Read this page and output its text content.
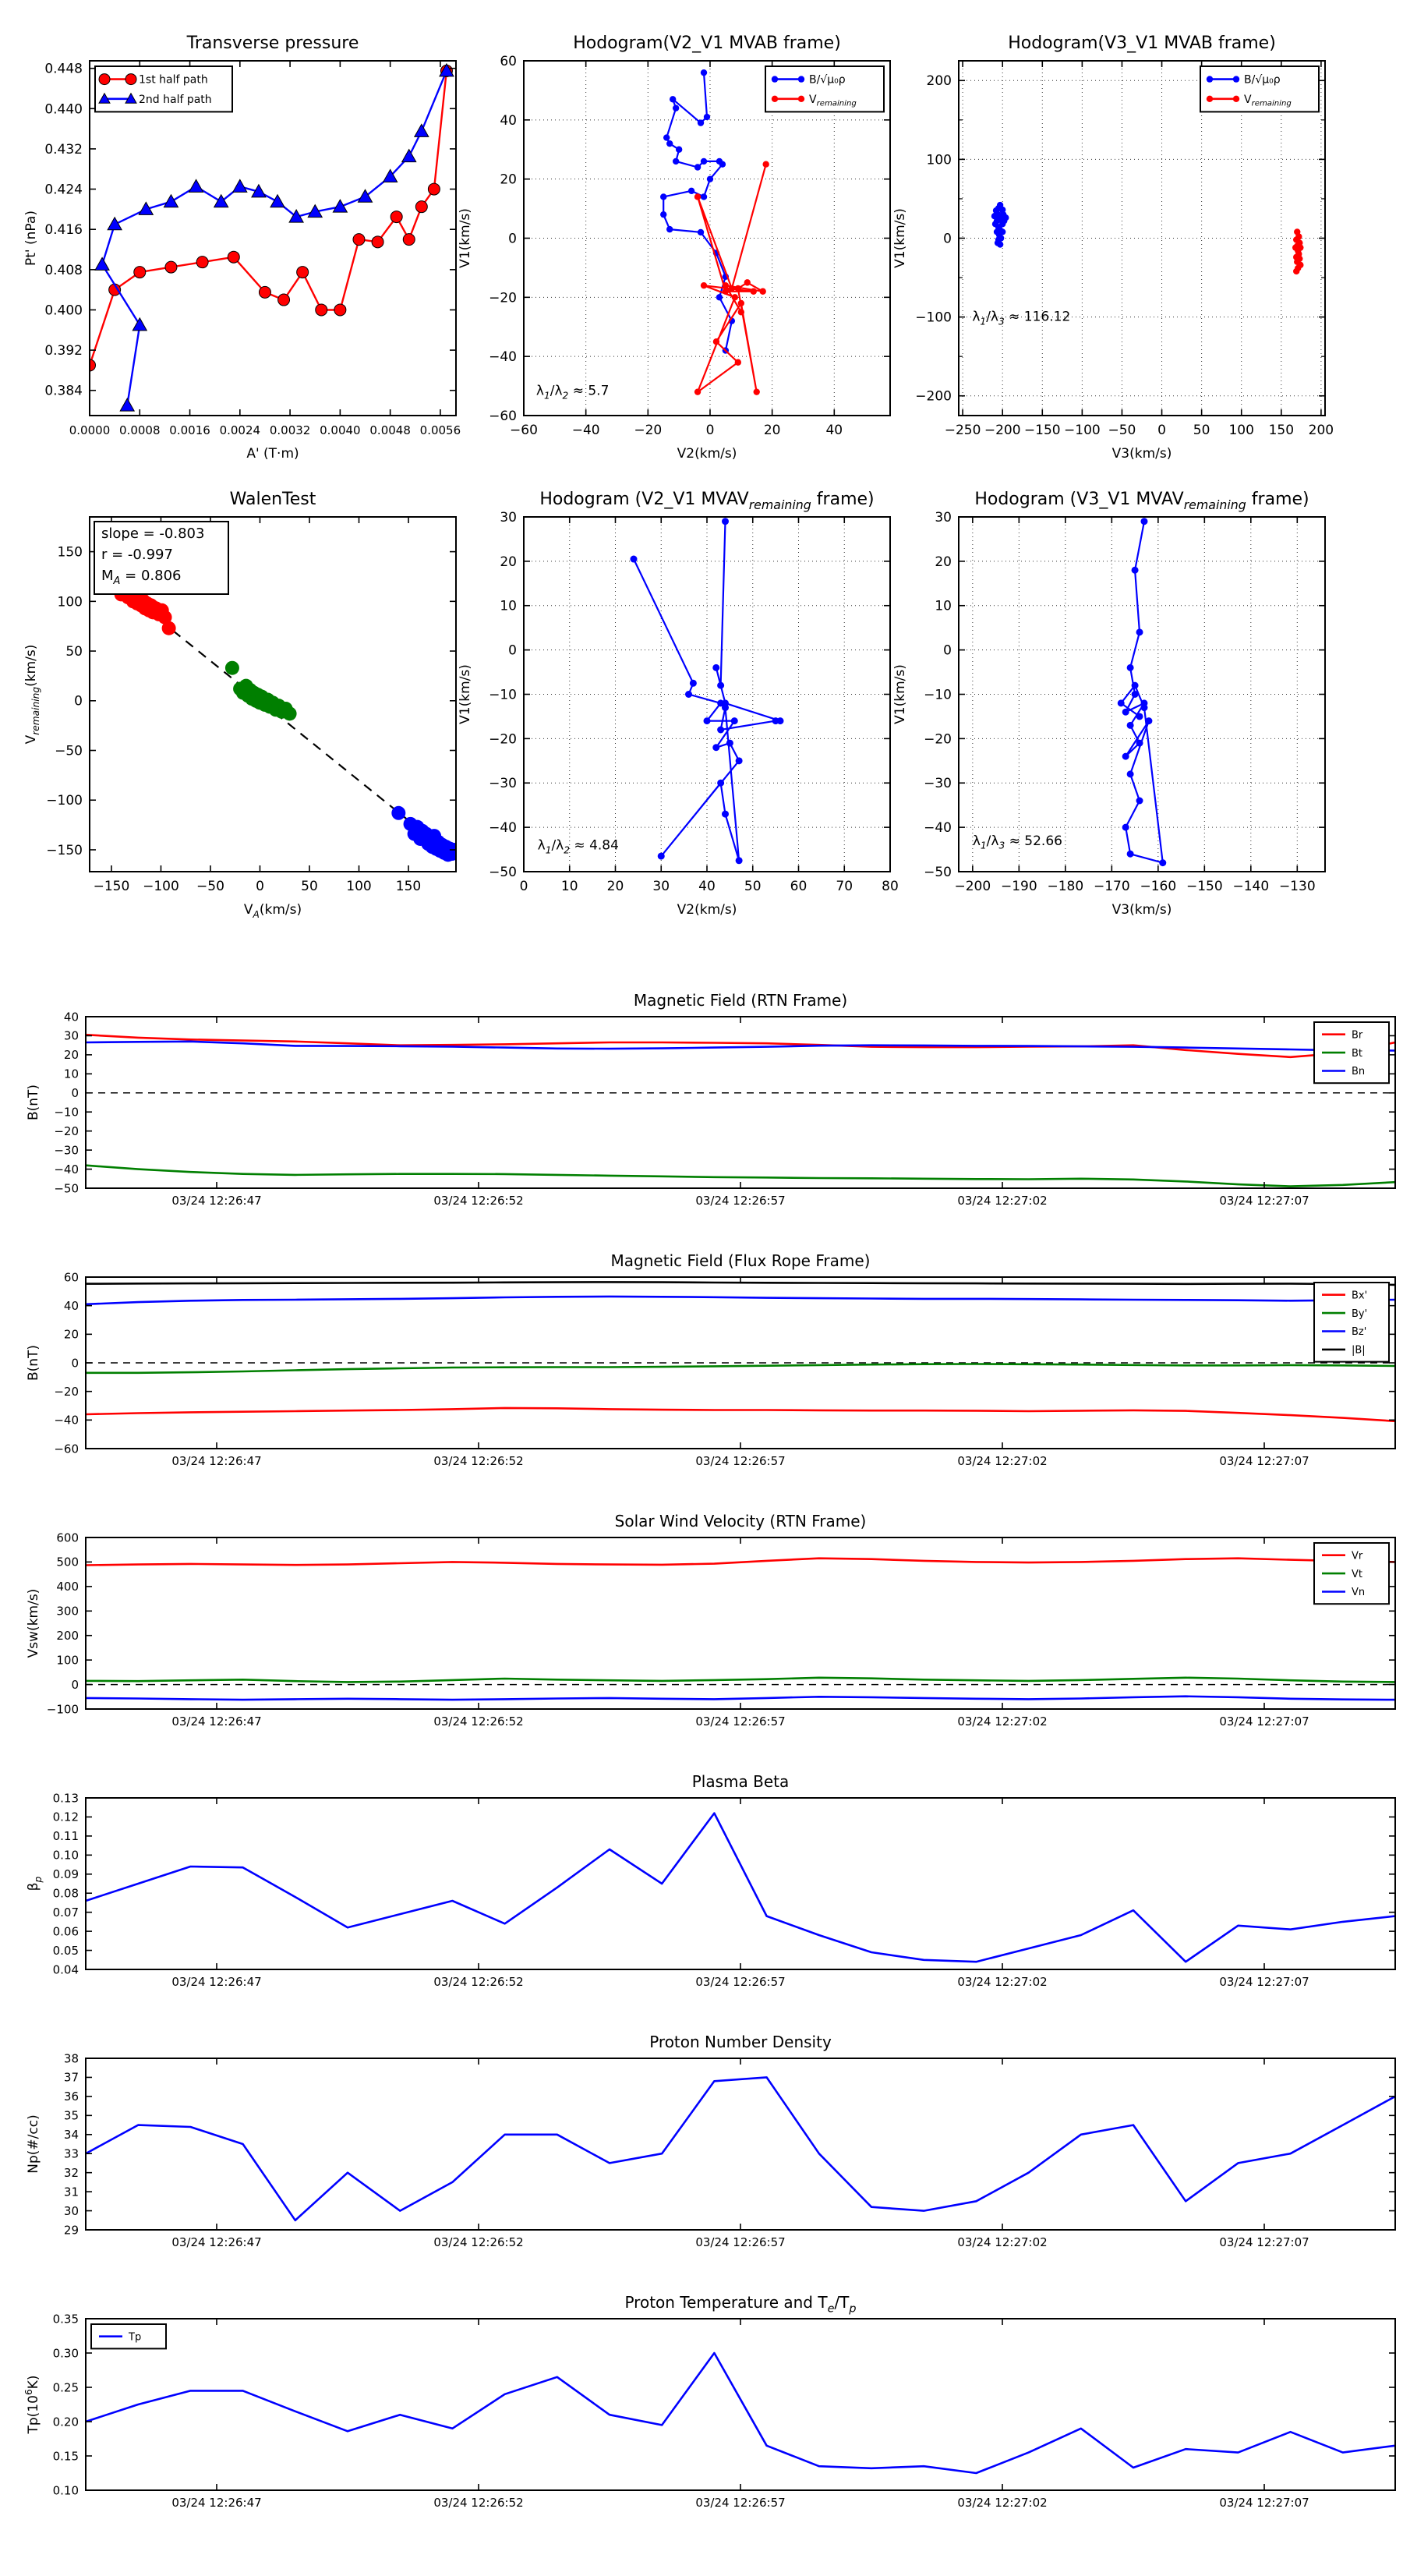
0.0000 0.0008 0.0016 0.0024 0.0032 0.0040 0.0048 0.0056
0.384
0.392
0.400
0.408
0.416
0.424
0.432
0.440
0.448
Transverse pressure
A' (T·m)
Pt' (nPa)
1st half path
2nd half path
−60	−40	−20	0	20	40
−60
−40
−20
0
20
40
60
Hodogram(V2_V1 MVAB frame)
V2(km/s)
V1(km/s)
$\lambda_1/\lambda_2 \approx 5.7$
B/√μ₀ρ
$V_{remaining}$
−250 −200 −150 −100 −50 0 50 100 150 200
−200
−100
0
100
200
Hodogram(V3_V1 MVAB frame)
V3(km/s)
V1(km/s)
$\lambda_1/\lambda_3 \approx 116.12$
B/√μ₀ρ
$V_{remaining}$
−150 −100 −50 0	50 100 150
−150
−100
−50
0
50
100
150
WalenTest
$V_A(km/s)$
$V_{remaining}(km/s)$
slope = -0.803
r = -0.997
$M_A = 0.806$
0	10 20 30 40 50 60 70 80
−50
−40
−30
−20
−10
0
10
20
30
Hodogram (V2_V1 $MVAV_{remaining}$ frame)
V2(km/s)
V1(km/s)
$\lambda_1/\lambda_2 \approx 4.84$
−200 −190 −180 −170 −160 −150 −140 −130
−50
−40
−30
−20
−10
0
10
20
30
Hodogram (V3_V1 $MVAV_{remaining}$ frame)
V3(km/s)
V1(km/s)
$\lambda_1/\lambda_3 \approx 52.66$
03/24 12:26:47	03/24 12:26:52	03/24 12:26:57	03/24 12:27:02	03/24 12:27:07
−50
−40
−30
−20
−10
0
10
20
30
40
Magnetic Field (RTN Frame)
B(nT)
Br
Bt
Bn
03/24 12:26:47	03/24 12:26:52	03/24 12:26:57	03/24 12:27:02	03/24 12:27:07
−60
−40
−20
0
20
40
60
Magnetic Field (Flux Rope Frame)
B(nT)
Bx'
By'
Bz'
|B|
03/24 12:26:47	03/24 12:26:52	03/24 12:26:57	03/24 12:27:02	03/24 12:27:07
−100
0
100
200
300
400
500
600
Solar Wind Velocity (RTN Frame)
Vsw(km/s)
Vr
Vt
Vn
03/24 12:26:47	03/24 12:26:52	03/24 12:26:57	03/24 12:27:02	03/24 12:27:07
0.04
0.05
0.06
0.07
0.08
0.09
0.10
0.11
0.12
0.13
Plasma Beta
$\beta_p$
03/24 12:26:47	03/24 12:26:52	03/24 12:26:57	03/24 12:27:02	03/24 12:27:07
29
30
31
32
33
34
35
36
37
38
Proton Number Density
Np(#/cc)
03/24 12:26:47	03/24 12:26:52	03/24 12:26:57	03/24 12:27:02	03/24 12:27:07
0.10
0.15
0.20
0.25
0.30
0.35
Proton Temperature and $T_e/T_p$
$Tp(10^6K)$
Tp
